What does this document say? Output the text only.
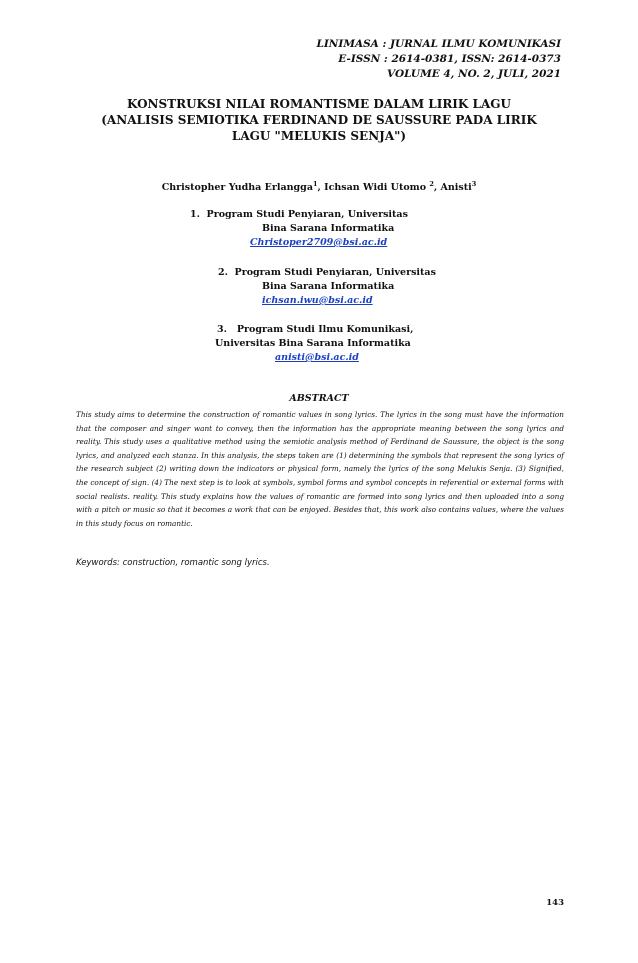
LINIMASA : JURNAL ILMU KOMUNIKASI
E-ISSN : 2614-0381, ISSN: 2614-0373
VOLUME 4, NO. 2, JULI, 2021
KONSTRUKSI NILAI ROMANTISME DALAM LIRIK LAGU
(ANALISIS SEMIOTIKA FERDINAND DE SAUSSURE PADA LIRIK
LAGU "MELUKIS SENJA")
Christopher Yudha Erlangga$^1$, Ichsan Widi Utomo $^2$, Anisti$^3$
1. Program Studi Penyiaran, Universitas
Bina Sarana Informatika
Christoper2709@bsi.ac.id
2. Program Studi Penyiaran, Universitas
Bina Sarana Informatika
ichsan.iwu@bsi.ac.id
3. Program Studi Ilmu Komunikasi,
Universitas Bina Sarana Informatika
anisti@bsi.ac.id
ABSTRACT
This study aims to determine the construction of romantic values in song lyrics. The lyrics in the song must have the information that the composer and singer want to convey, then the information has the appropriate meaning between the song lyrics and reality. This study uses a qualitative method using the semiotic analysis method of Ferdinand de Saussure, the object is the song lyrics, and analyzed each stanza. In this analysis, the steps taken are (1) determining the symbols that represent the song lyrics of the research subject (2) writing down the indicators or physical form, namely the lyrics of the song Melukis Senja. (3) Signified, the concept of sign. (4) The next step is to look at symbols, symbol forms and symbol concepts in referential or external forms with social realists. reality. This study explains how the values of romantic are formed into song lyrics and then uploaded into a song with a pitch or music so that it becomes a work that can be enjoyed. Besides that, this work also contains values, where the values in this study focus on romantic.
Keywords: construction, romantic song lyrics.
143
